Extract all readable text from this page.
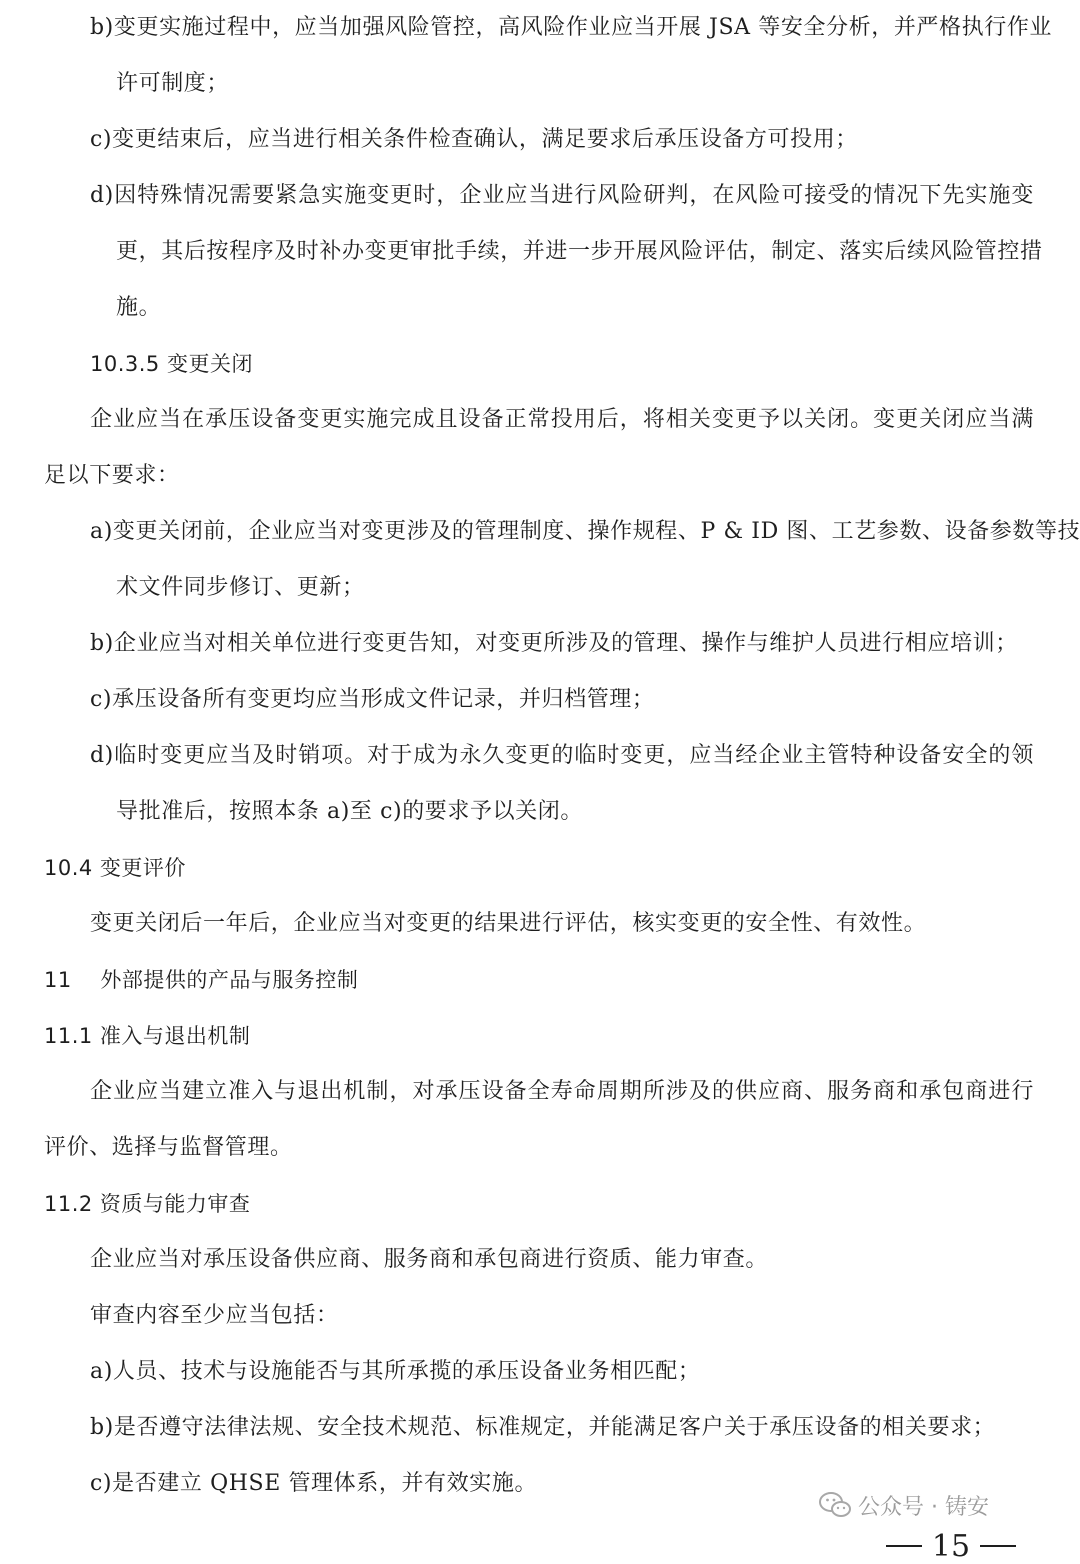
b)变更实施过程中，应当加强风险管控，高风险作业应当开展 JSA 等安全分析，并严格执行作业

许可制度；

c)变更结束后，应当进行相关条件检查确认，满足要求后承压设备方可投用；

d)因特殊情况需要紧急实施变更时，企业应当进行风险研判，在风险可接受的情况下先实施变

更，其后按程序及时补办变更审批手续，并进一步开展风险评估，制定、落实后续风险管控措

施。

10.3.5 变更关闭

企业应当在承压设备变更实施完成且设备正常投用后，将相关变更予以关闭。变更关闭应当满

足以下要求：

a)变更关闭前，企业应当对变更涉及的管理制度、操作规程、P & ID 图、工艺参数、设备参数等技

术文件同步修订、更新；

b)企业应当对相关单位进行变更告知，对变更所涉及的管理、操作与维护人员进行相应培训；

c)承压设备所有变更均应当形成文件记录，并归档管理；

d)临时变更应当及时销项。对于成为永久变更的临时变更，应当经企业主管特种设备安全的领

导批准后，按照本条 a)至 c)的要求予以关闭。

10.4 变更评价

变更关闭后一年后，企业应当对变更的结果进行评估，核实变更的安全性、有效性。

11    外部提供的产品与服务控制

11.1 准入与退出机制

企业应当建立准入与退出机制，对承压设备全寿命周期所涉及的供应商、服务商和承包商进行

评价、选择与监督管理。

11.2 资质与能力审查

企业应当对承压设备供应商、服务商和承包商进行资质、能力审查。

审查内容至少应当包括：

a)人员、技术与设施能否与其所承揽的承压设备业务相匹配；

b)是否遵守法律法规、安全技术规范、标准规定，并能满足客户关于承压设备的相关要求；

c)是否建立 QHSE 管理体系，并有效实施。

公众号 · 铸安
15
